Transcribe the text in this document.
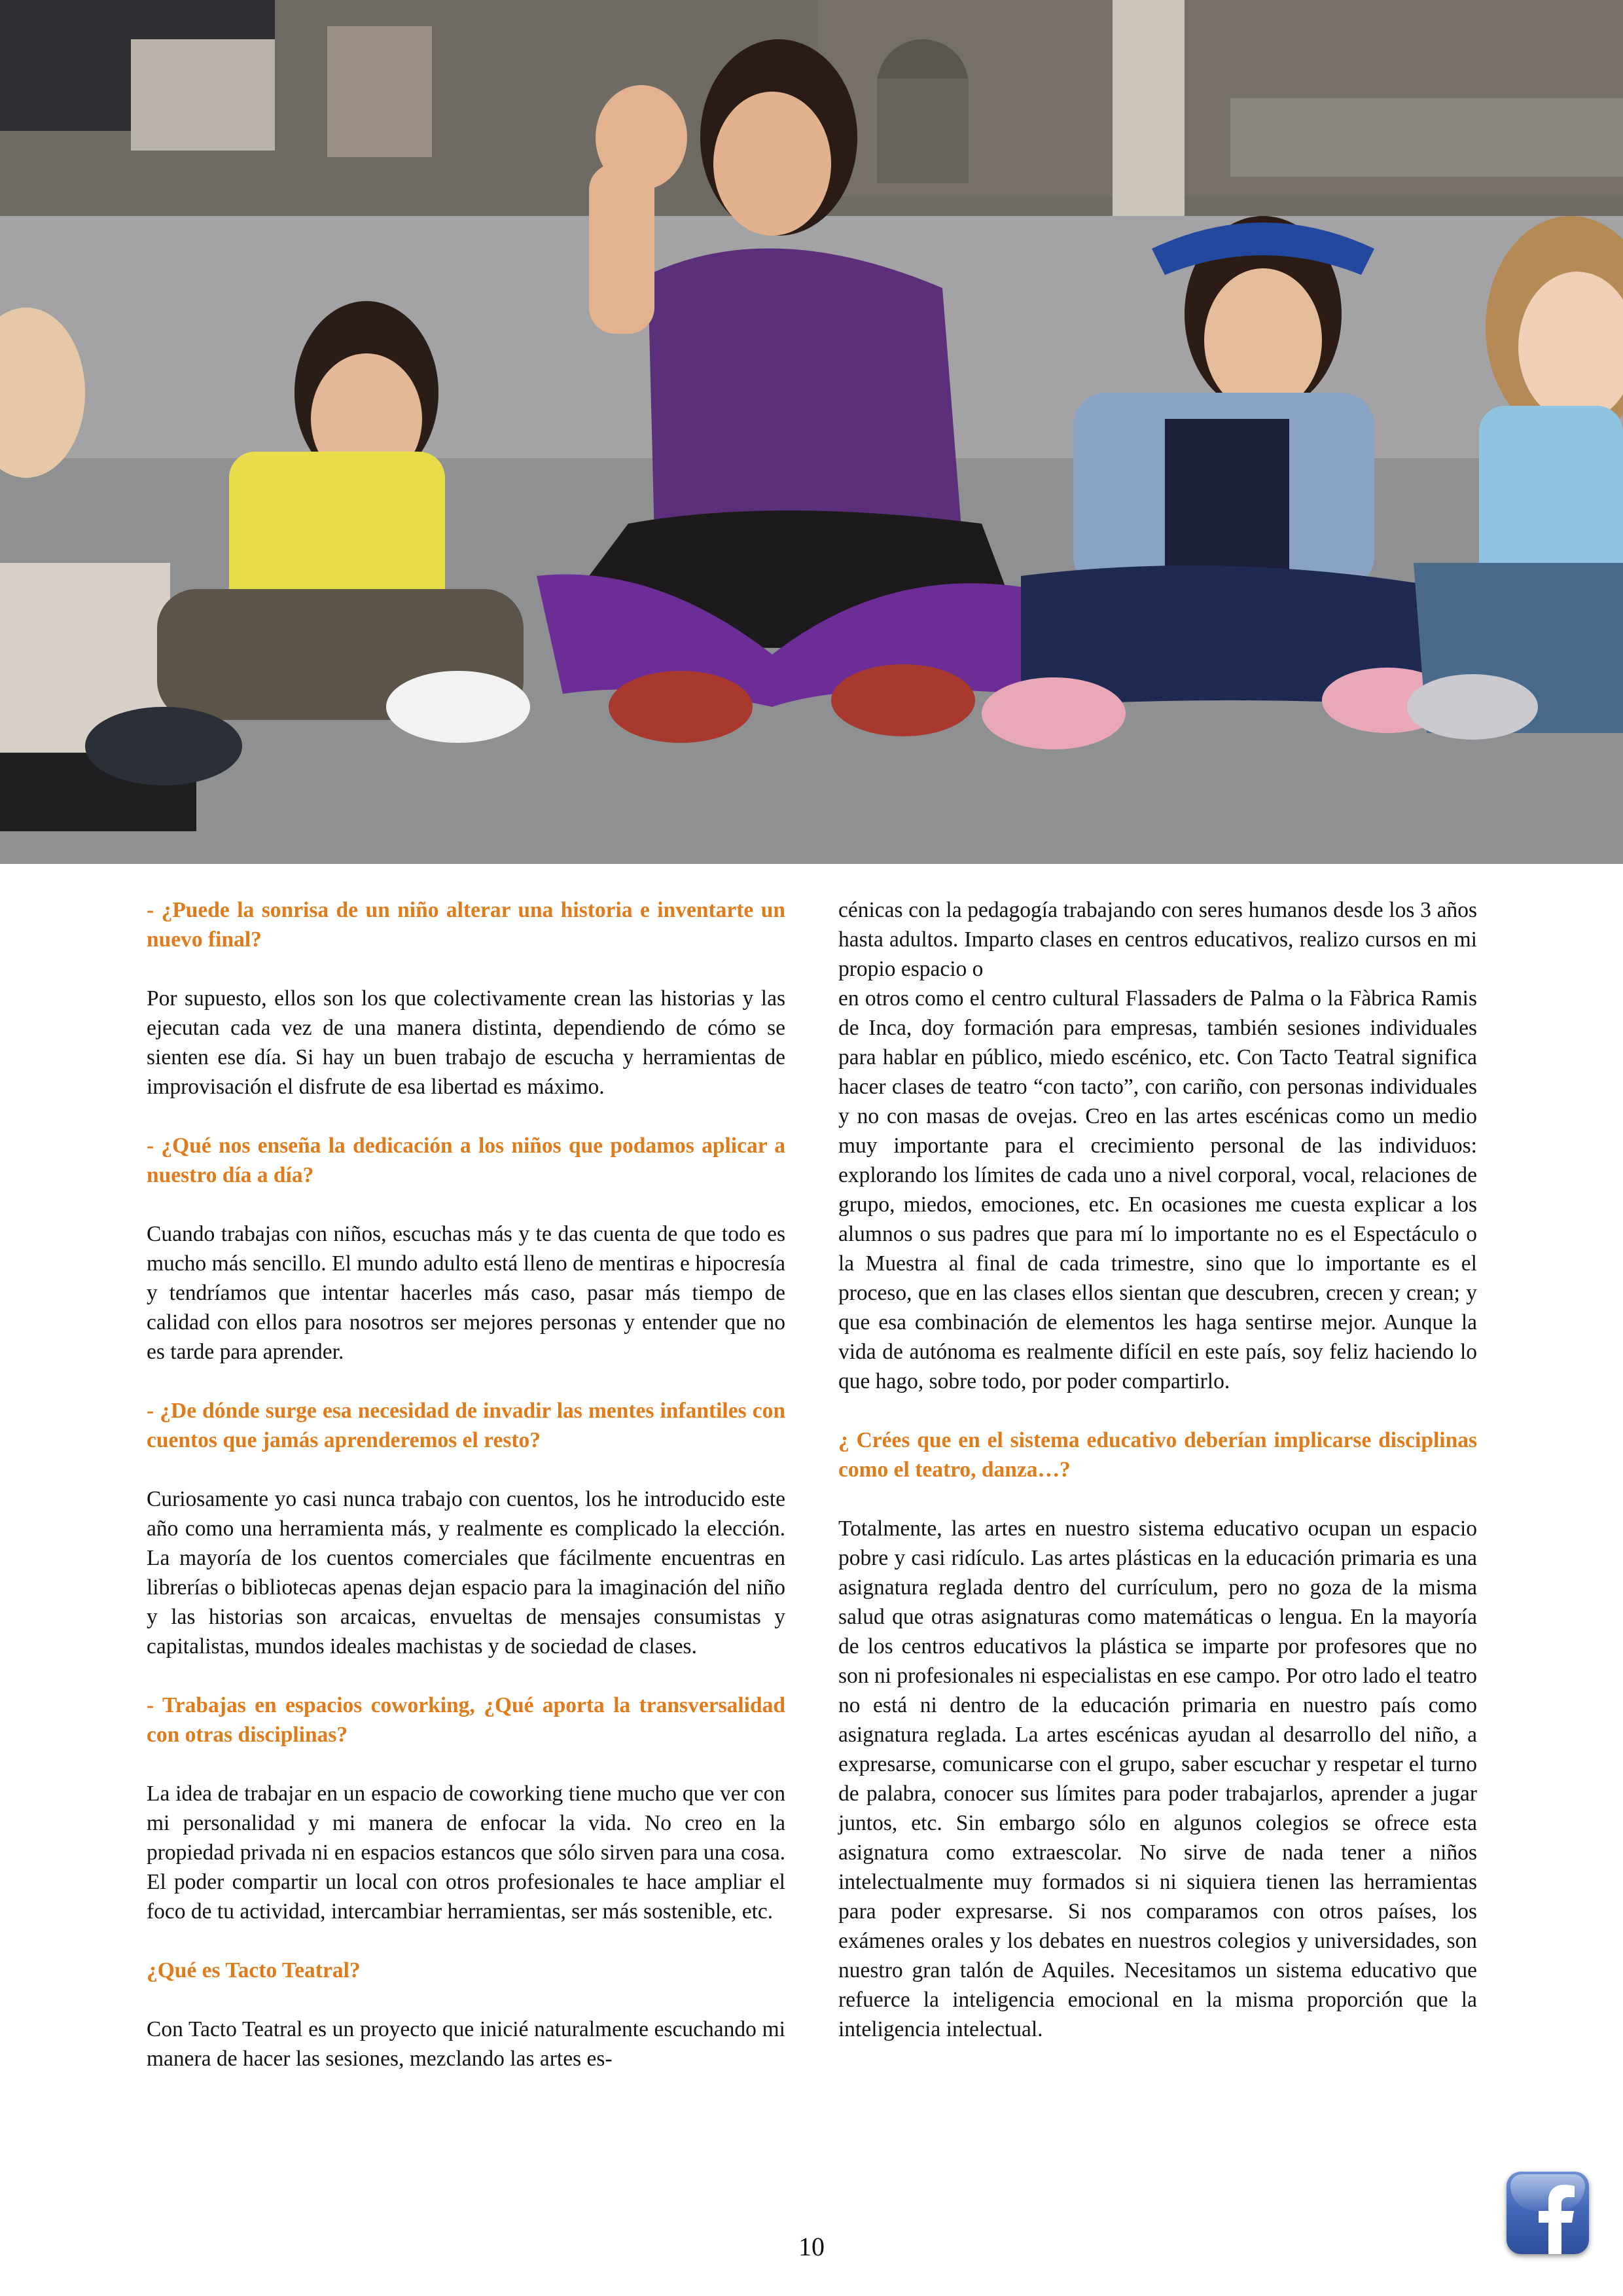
- ¿Puede la sonrisa de un niño alterar una historia e inventarte un nuevo final?

Por supuesto, ellos son los que colectivamente crean las historias y las ejecutan cada vez de una manera distinta, dependiendo de cómo se sienten ese día. Si hay un buen trabajo de escucha y herramientas de improvisación el disfrute de esa libertad es máximo.

- ¿Qué nos enseña la dedicación a los niños que podamos aplicar a nuestro día a día?

Cuando trabajas con niños, escuchas más y te das cuenta de que todo es mucho más sencillo. El mundo adulto está lleno de mentiras e hipocresía y tendríamos que intentar hacerles más caso, pasar más tiempo de calidad con ellos para nosotros ser mejores personas y entender que no es tarde para aprender.

- ¿De dónde surge esa necesidad de invadir las mentes infantiles con cuentos que jamás aprenderemos el resto?

Curiosamente yo casi nunca trabajo con cuentos, los he introducido este año como una herramienta más, y realmente es complicado la elección. La mayoría de los cuentos comerciales que fácilmente encuentras en librerías o bibliotecas apenas dejan espacio para la imaginación del niño y las historias son arcaicas, envueltas de mensajes consumistas y capitalistas, mundos ideales machistas y de sociedad de clases.

- Trabajas en espacios coworking, ¿Qué aporta la transversalidad con otras disciplinas?

La idea de trabajar en un espacio de coworking tiene mucho que ver con mi personalidad y mi manera de enfocar la vida. No creo en la propiedad privada ni en espacios estancos que sólo sirven para una cosa. El poder compartir un local con otros profesionales te hace ampliar el foco de tu actividad, intercambiar herramientas, ser más sostenible, etc.

¿Qué es Tacto Teatral?

Con Tacto Teatral es un proyecto que inicié naturalmente escuchando mi manera de hacer las sesiones, mezclando las artes es-

cénicas con la pedagogía trabajando con seres humanos desde los 3 años hasta adultos. Imparto clases en centros educativos, realizo cursos en mi propio espacio o

en otros como el centro cultural Flassaders de Palma o la Fàbrica Ramis de Inca, doy formación para empresas, también sesiones individuales para hablar en público, miedo escénico, etc. Con Tacto Teatral significa hacer clases de teatro “con tacto”, con cariño, con personas individuales y no con masas de ovejas. Creo en las artes escénicas como un medio muy importante para el crecimiento personal de las individuos: explorando los límites de cada uno a nivel corporal, vocal, relaciones de grupo, miedos, emociones, etc. En ocasiones me cuesta explicar a los alumnos o sus padres que para mí lo importante no es el Espectáculo o la Muestra al final de cada trimestre, sino que lo importante es el proceso, que en las clases ellos sientan que descubren, crecen y crean; y que esa combinación de elementos les haga sentirse mejor. Aunque la vida de autónoma es realmente difícil en este país, soy feliz haciendo lo que hago, sobre todo, por poder compartirlo.

¿ Crées que en el sistema educativo deberían implicarse disciplinas como el teatro, danza…?

Totalmente, las artes en nuestro sistema educativo ocupan un espacio pobre y casi ridículo. Las artes plásticas en la educación primaria es una asignatura reglada dentro del currículum, pero no goza de la misma salud que otras asignaturas como matemáticas o lengua. En la mayoría de los centros educativos la plástica se imparte por profesores que no son ni profesionales ni especialistas en ese campo. Por otro lado el teatro no está ni dentro de la educación primaria en nuestro país como asignatura reglada. La artes escénicas ayudan al desarrollo del niño, a expresarse, comunicarse con el grupo, saber escuchar y respetar el turno de palabra, conocer sus límites para poder trabajarlos, aprender a jugar juntos, etc. Sin embargo sólo en algunos colegios se ofrece esta asignatura como extraescolar. No sirve de nada tener a niños intelectualmente muy formados si ni siquiera tienen las herramientas para poder expresarse. Si nos comparamos con otros países, los exámenes orales y los debates en nuestros colegios y universidades, son nuestro gran talón de Aquiles. Necesitamos un sistema educativo que refuerce la inteligencia emocional en la misma proporción que la inteligencia intelectual.

10
